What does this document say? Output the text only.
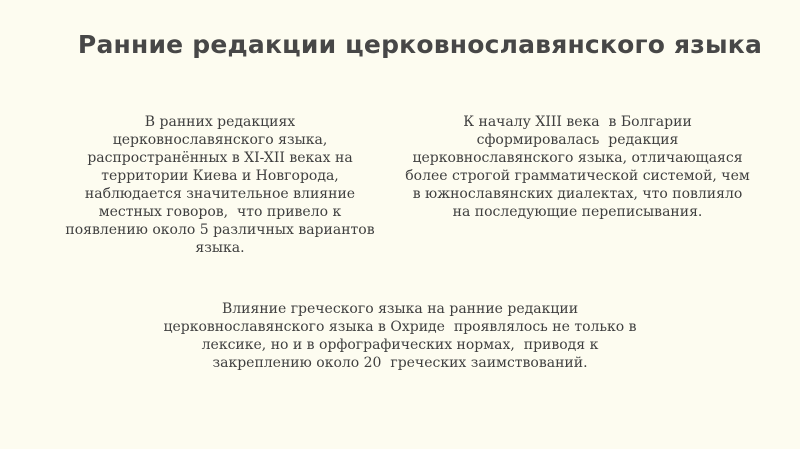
Ранние редакции церковнославянского языка
В ранних редакциях
церковнославянского языка,
распространённых в XI-XII веках на
территории Киева и Новгорода,
наблюдается значительное влияние
местных говоров,  что привело к
появлению около 5 различных вариантов
языка.
К началу XIII века  в Болгарии
сформировалась  редакция
церковнославянского языка, отличающаяся
более строгой грамматической системой, чем
в южнославянских диалектах, что повлияло
на последующие переписывания.
Влияние греческого языка на ранние редакции
церковнославянского языка в Охриде  проявлялось не только в
лексике, но и в орфографических нормах,  приводя к
закреплению около 20  греческих заимствований.
